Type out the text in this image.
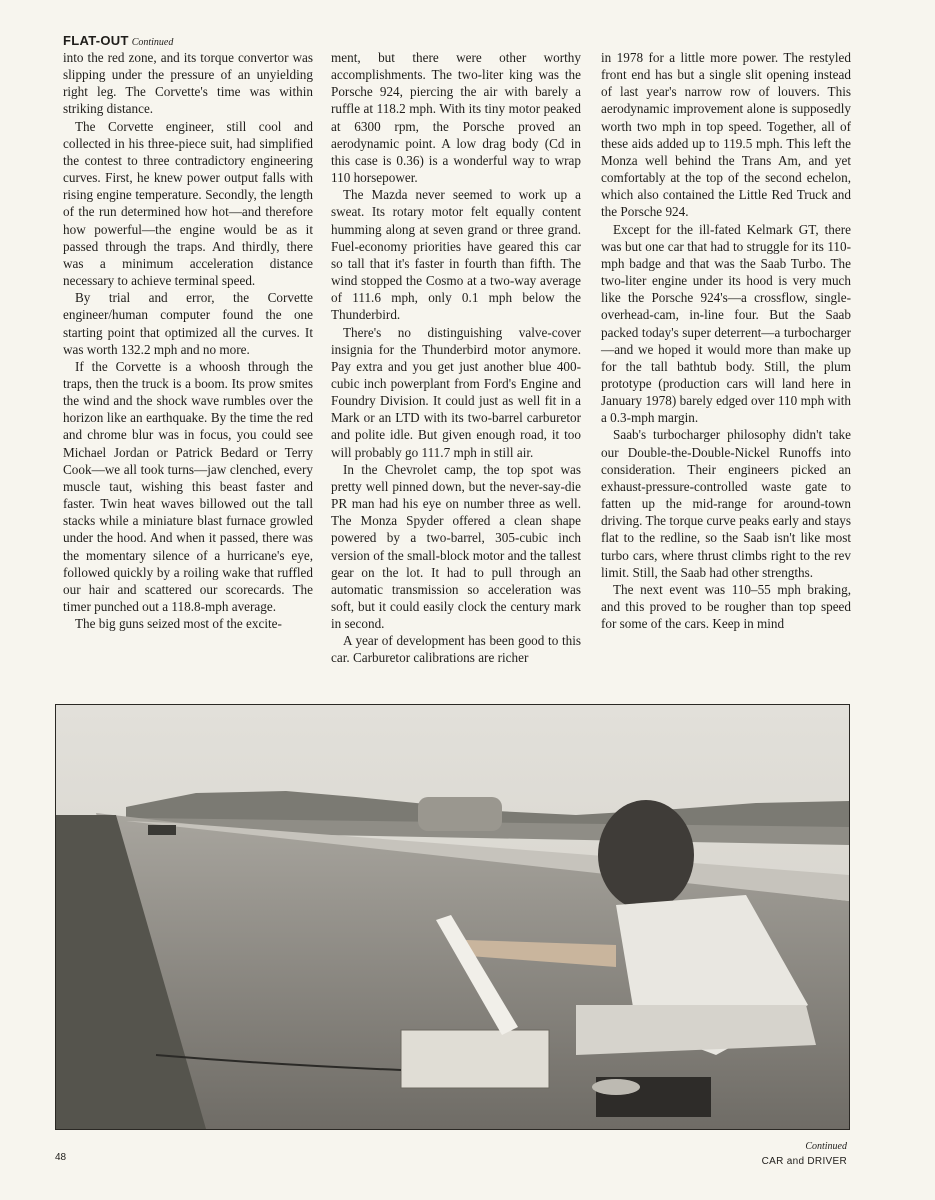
FLAT-OUT Continued

into the red zone, and its torque convertor was slipping under the pressure of an unyielding right leg. The Corvette's time was within striking distance.

The Corvette engineer, still cool and collected in his three-piece suit, had simplified the contest to three contradictory engineering curves. First, he knew power output falls with rising engine temperature. Secondly, the length of the run determined how hot—and therefore how powerful—the engine would be as it passed through the traps. And thirdly, there was a minimum acceleration distance necessary to achieve terminal speed.

By trial and error, the Corvette engineer/human computer found the one starting point that optimized all the curves. It was worth 132.2 mph and no more.

If the Corvette is a whoosh through the traps, then the truck is a boom. Its prow smites the wind and the shock wave rumbles over the horizon like an earthquake. By the time the red and chrome blur was in focus, you could see Michael Jordan or Patrick Bedard or Terry Cook—we all took turns—jaw clenched, every muscle taut, wishing this beast faster and faster. Twin heat waves billowed out the tall stacks while a miniature blast furnace growled under the hood. And when it passed, there was the momentary silence of a hurricane's eye, followed quickly by a roiling wake that ruffled our hair and scattered our scorecards. The timer punched out a 118.8-mph average.

The big guns seized most of the excite-

ment, but there were other worthy accomplishments. The two-liter king was the Porsche 924, piercing the air with barely a ruffle at 118.2 mph. With its tiny motor peaked at 6300 rpm, the Porsche proved an aerodynamic point. A low drag body (Cd in this case is 0.36) is a wonderful way to wrap 110 horsepower.

The Mazda never seemed to work up a sweat. Its rotary motor felt equally content humming along at seven grand or three grand. Fuel-economy priorities have geared this car so tall that it's faster in fourth than fifth. The wind stopped the Cosmo at a two-way average of 111.6 mph, only 0.1 mph below the Thunderbird.

There's no distinguishing valve-cover insignia for the Thunderbird motor anymore. Pay extra and you get just another blue 400-cubic inch powerplant from Ford's Engine and Foundry Division. It could just as well fit in a Mark or an LTD with its two-barrel carburetor and polite idle. But given enough road, it too will probably go 111.7 mph in still air.

In the Chevrolet camp, the top spot was pretty well pinned down, but the never-say-die PR man had his eye on number three as well. The Monza Spyder offered a clean shape powered by a two-barrel, 305-cubic inch version of the small-block motor and the tallest gear on the lot. It had to pull through an automatic transmission so acceleration was soft, but it could easily clock the century mark in second.

A year of development has been good to this car. Carburetor calibrations are richer

in 1978 for a little more power. The restyled front end has but a single slit opening instead of last year's narrow row of louvers. This aerodynamic improvement alone is supposedly worth two mph in top speed. Together, all of these aids added up to 119.5 mph. This left the Monza well behind the Trans Am, and yet comfortably at the top of the second echelon, which also contained the Little Red Truck and the Porsche 924.

Except for the ill-fated Kelmark GT, there was but one car that had to struggle for its 110-mph badge and that was the Saab Turbo. The two-liter engine under its hood is very much like the Porsche 924's—a crossflow, single-overhead-cam, in-line four. But the Saab packed today's super deterrent—a turbocharger—and we hoped it would more than make up for the tall bathtub body. Still, the plum prototype (production cars will land here in January 1978) barely edged over 110 mph with a 0.3-mph margin.

Saab's turbocharger philosophy didn't take our Double-the-Double-Nickel Runoffs into consideration. Their engineers picked an exhaust-pressure-controlled waste gate to fatten up the mid-range for around-town driving. The torque curve peaks early and stays flat to the redline, so the Saab isn't like most turbo cars, where thrust climbs right to the rev limit. Still, the Saab had other strengths.

The next event was 110–55 mph braking, and this proved to be rougher than top speed for some of the cars. Keep in mind

48
Continued
CAR and DRIVER
